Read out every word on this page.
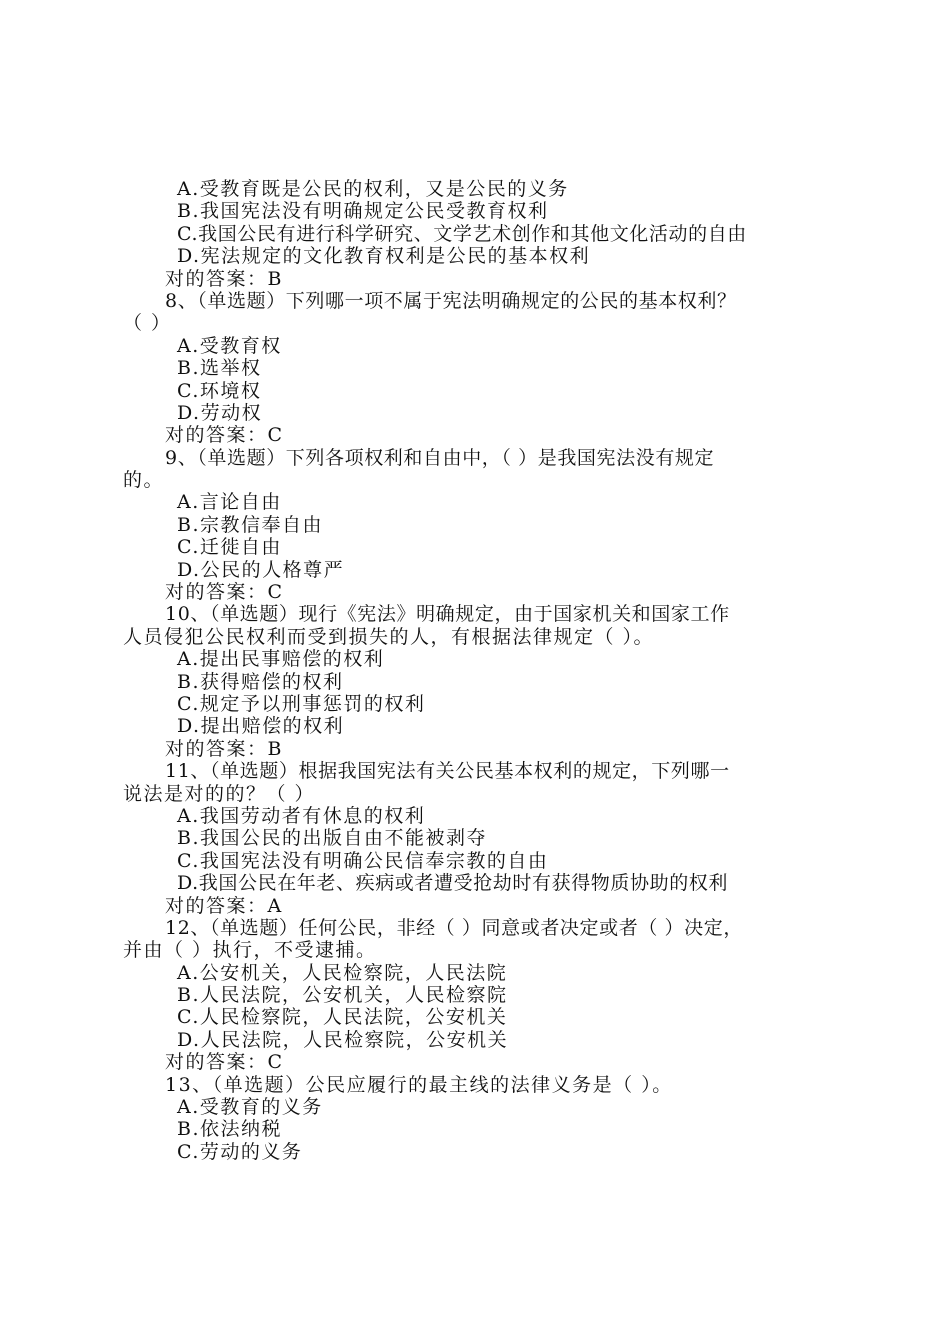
A.受教育既是公民的权利，又是公民的义务
B.我国宪法没有明确规定公民受教育权利
C.我国公民有进行科学研究、文学艺术创作和其他文化活动的自由
D.宪法规定的文化教育权利是公民的基本权利
对的答案：B
8、（单选题）下列哪一项不属于宪法明确规定的公民的基本权利？
（ ）
A.受教育权
B.选举权
C.环境权
D.劳动权
对的答案：C
9、（单选题）下列各项权利和自由中，（ ）是我国宪法没有规定
的。
A.言论自由
B.宗教信奉自由
C.迁徙自由
D.公民的人格尊严
对的答案：C
10、（单选题）现行《宪法》明确规定，由于国家机关和国家工作
人员侵犯公民权利而受到损失的人，有根据法律规定（ ）。
A.提出民事赔偿的权利
B.获得赔偿的权利
C.规定予以刑事惩罚的权利
D.提出赔偿的权利
对的答案：B
11、（单选题）根据我国宪法有关公民基本权利的规定，下列哪一
说法是对的的？（ ）
A.我国劳动者有休息的权利
B.我国公民的出版自由不能被剥夺
C.我国宪法没有明确公民信奉宗教的自由
D.我国公民在年老、疾病或者遭受抢劫时有获得物质协助的权利
对的答案：A
12、（单选题）任何公民，非经（ ）同意或者决定或者（ ）决定，
并由（ ）执行，不受逮捕。
A.公安机关，人民检察院，人民法院
B.人民法院，公安机关，人民检察院
C.人民检察院，人民法院，公安机关
D.人民法院，人民检察院，公安机关
对的答案：C
13、（单选题）公民应履行的最主线的法律义务是（ ）。
A.受教育的义务
B.依法纳税
C.劳动的义务
